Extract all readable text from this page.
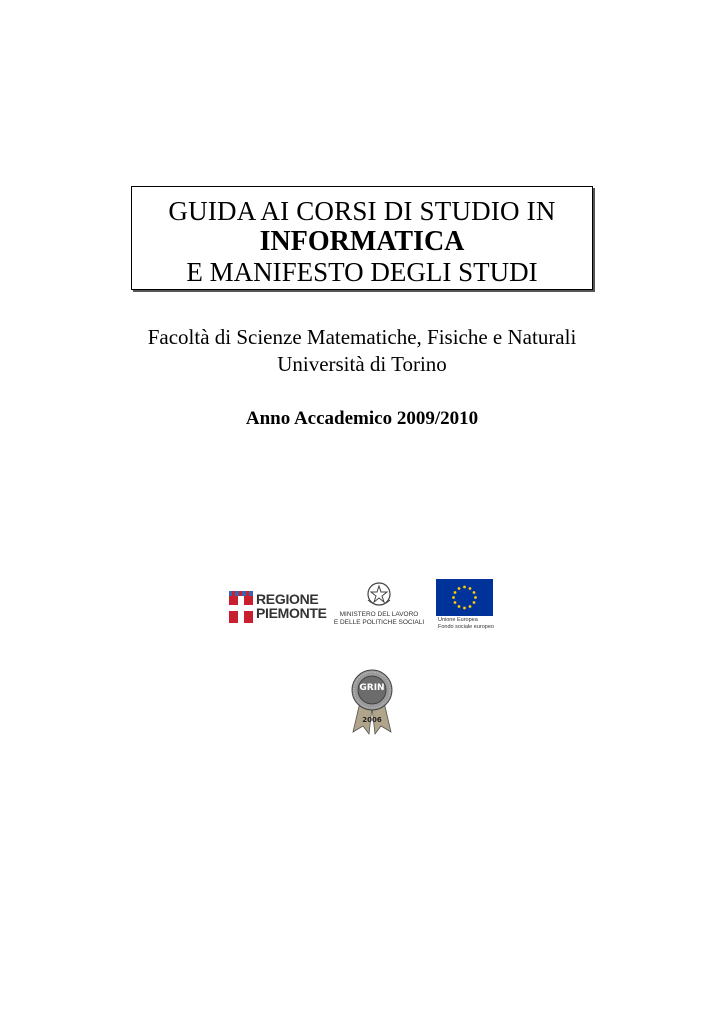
GUIDA AI CORSI DI STUDIO IN
INFORMATICA
E MANIFESTO DEGLI STUDI
Facoltà di Scienze Matematiche, Fisiche e Naturali
Università di Torino
Anno Accademico 2009/2010
REGIONE
PIEMONTE	MINISTERO DEL LAVORO
E DELLE POLITICHE SOCIALI	Unione Europea
Fondo sociale europeo
GRIN
2006
